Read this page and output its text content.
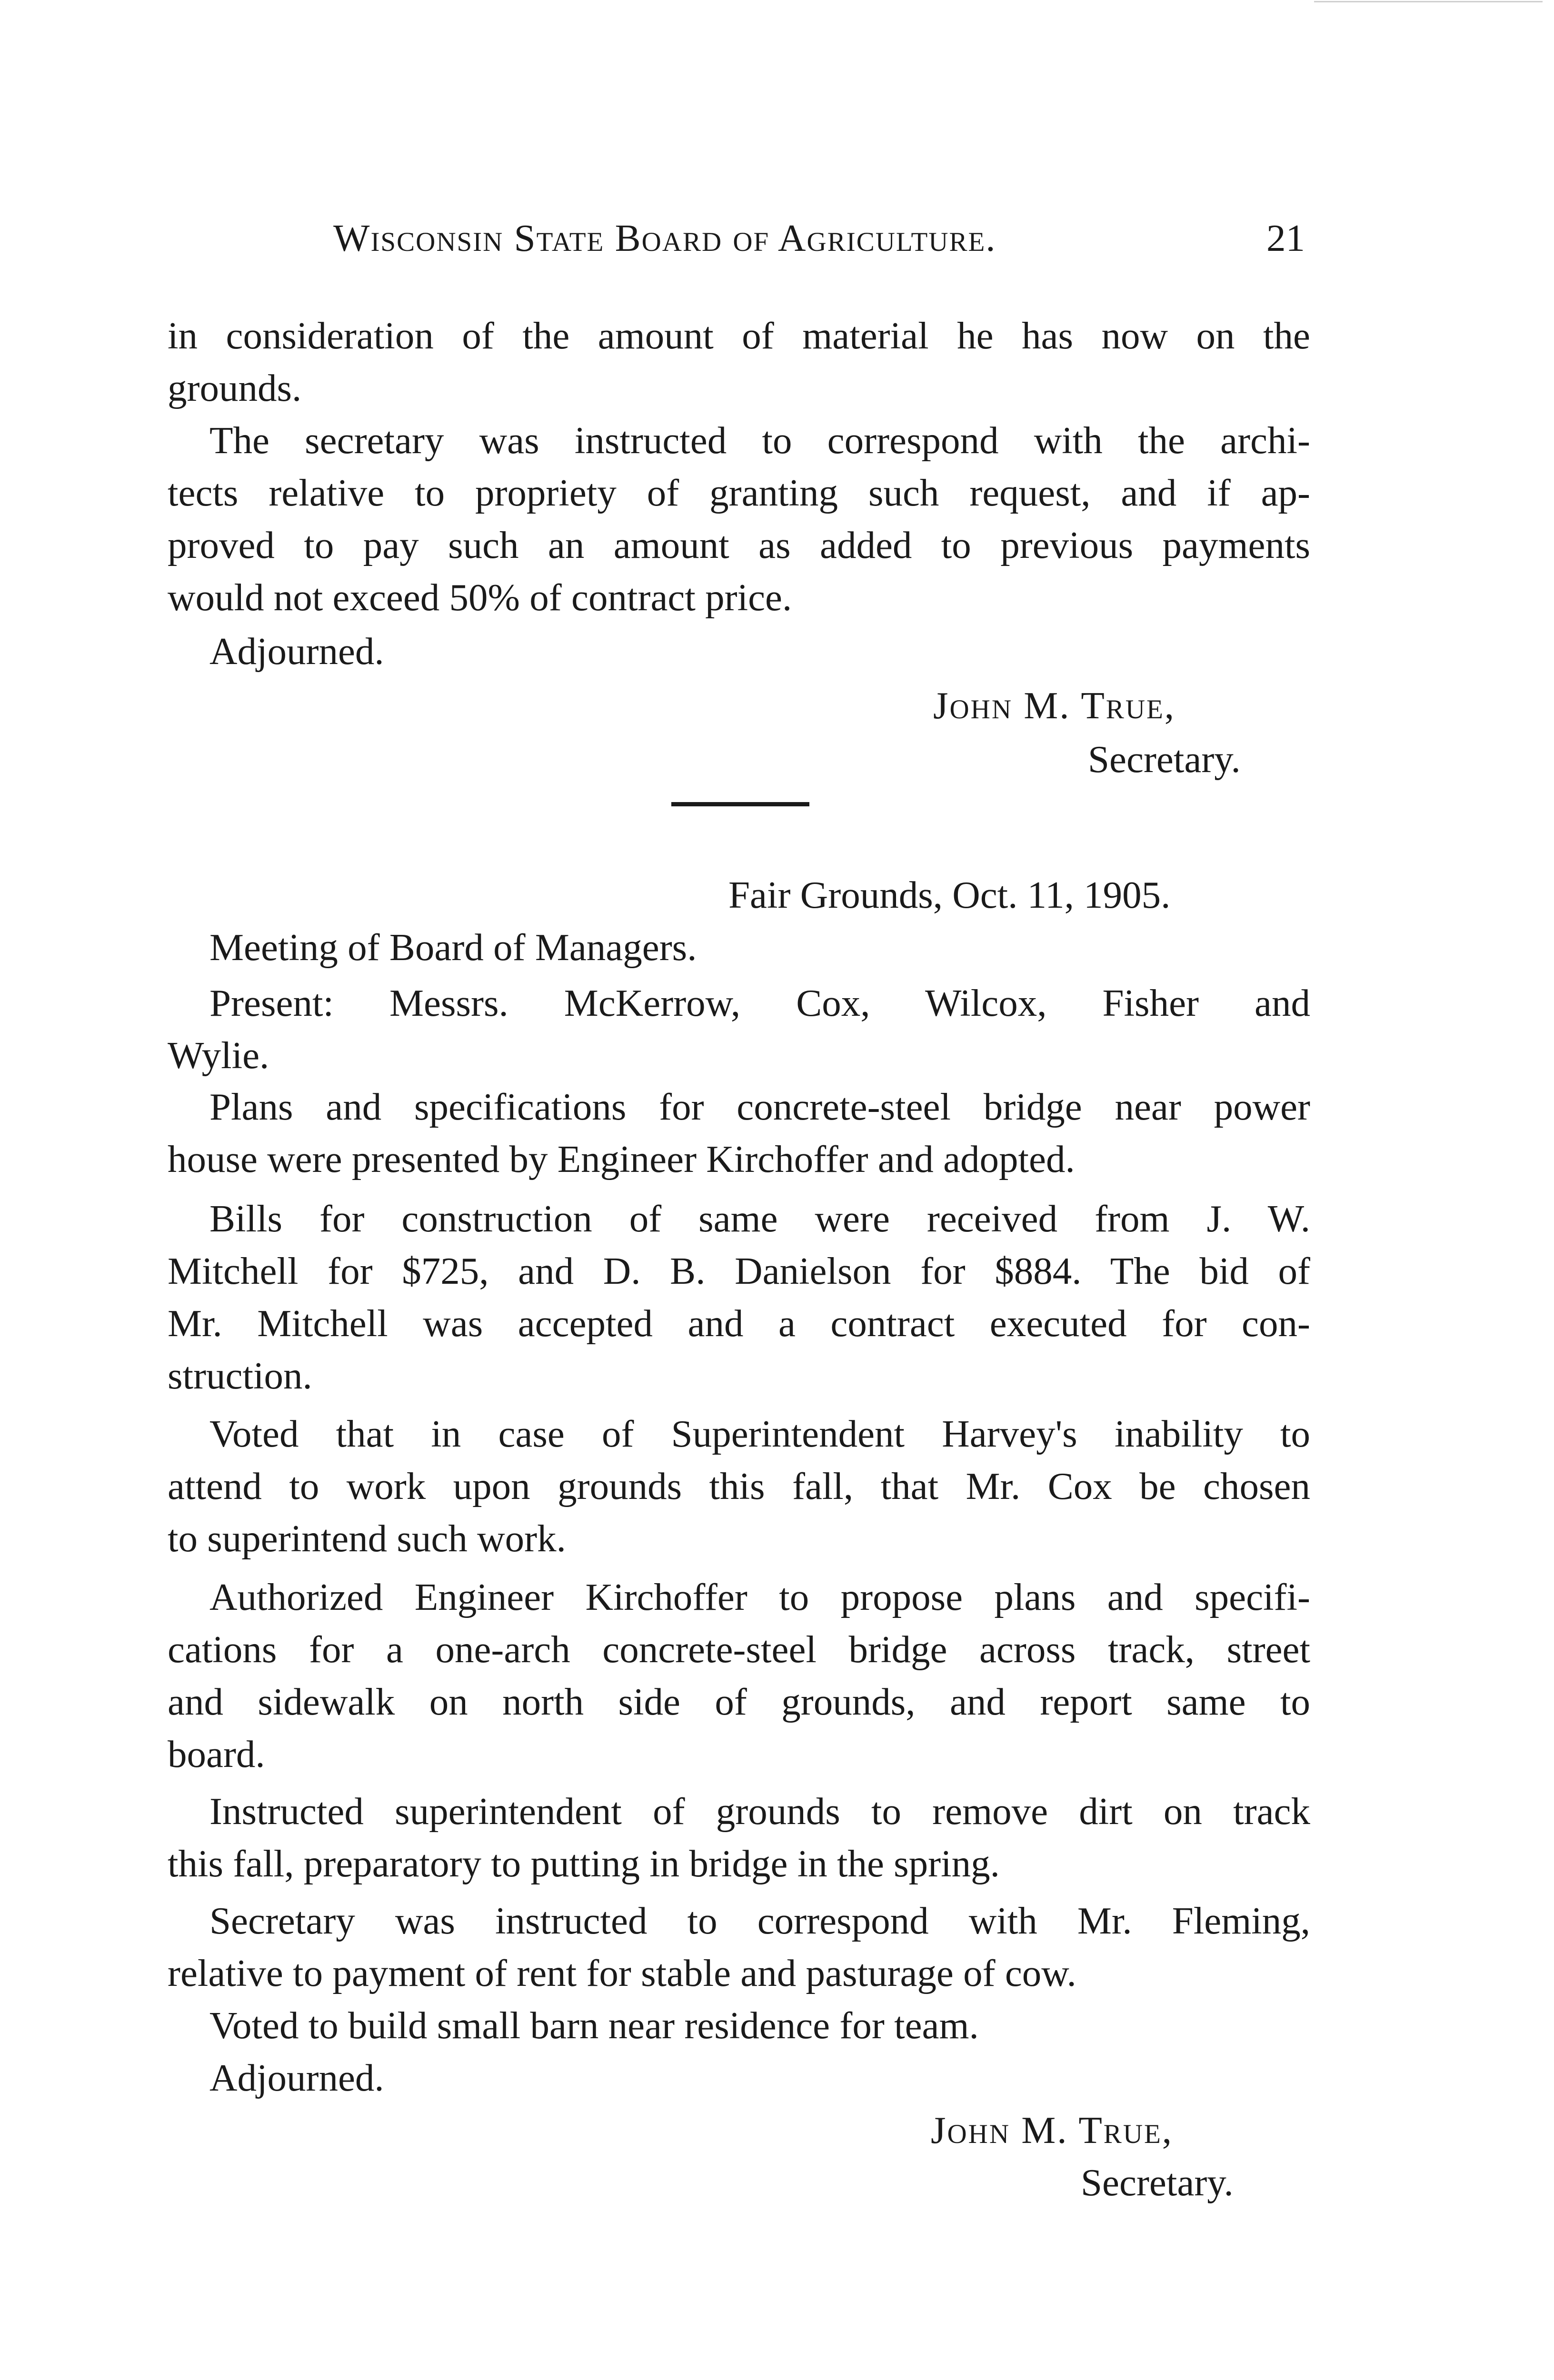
Wisconsin State Board of Agriculture.	21
in consideration of the amount of material he has now on the
grounds.
The secretary was instructed to correspond with the archi-
tects relative to propriety of granting such request, and if ap-
proved to pay such an amount as added to previous payments
would not exceed 50% of contract price.
Adjourned.
John M. True,
Secretary.
Fair Grounds, Oct. 11, 1905.
Meeting of Board of Managers.
Present: Messrs. McKerrow, Cox, Wilcox, Fisher and
Wylie.
Plans and specifications for concrete-steel bridge near power
house were presented by Engineer Kirchoffer and adopted.
Bills for construction of same were received from J. W.
Mitchell for $725, and D. B. Danielson for $884. The bid of
Mr. Mitchell was accepted and a contract executed for con-
struction.
Voted that in case of Superintendent Harvey's inability to
attend to work upon grounds this fall, that Mr. Cox be chosen
to superintend such work.
Authorized Engineer Kirchoffer to propose plans and specifi-
cations for a one-arch concrete-steel bridge across track, street
and sidewalk on north side of grounds, and report same to
board.
Instructed superintendent of grounds to remove dirt on track
this fall, preparatory to putting in bridge in the spring.
Secretary was instructed to correspond with Mr. Fleming,
relative to payment of rent for stable and pasturage of cow.
Voted to build small barn near residence for team.
Adjourned.
John M. True,
Secretary.
